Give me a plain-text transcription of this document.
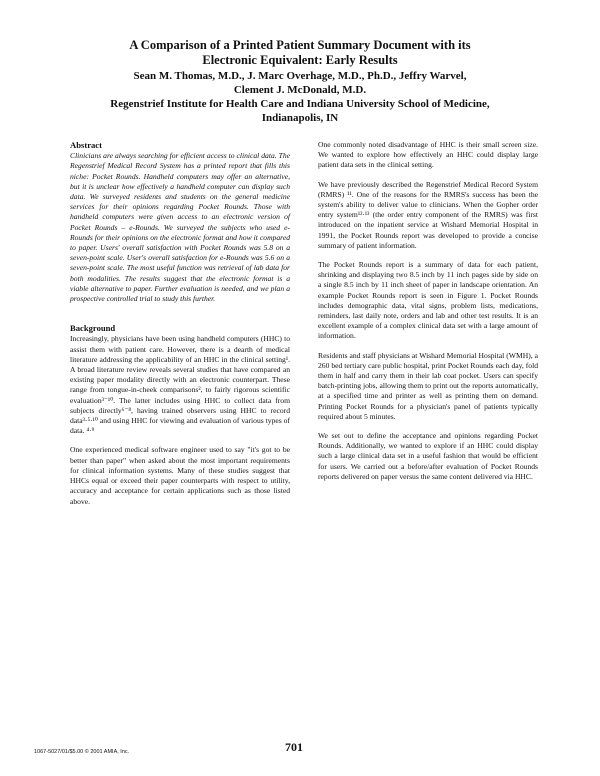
A Comparison of a Printed Patient Summary Document with its
Electronic Equivalent: Early Results
Sean M. Thomas, M.D., J. Marc Overhage, M.D., Ph.D., Jeffry Warvel,
Clement J. McDonald, M.D.
Regenstrief Institute for Health Care and Indiana University School of Medicine,
Indianapolis, IN
Abstract

Clinicians are always searching for efficient access to clinical data. The Regenstrief Medical Record System has a printed report that fills this niche: Pocket Rounds. Handheld computers may offer an alternative, but it is unclear how effectively a handheld computer can display such data. We surveyed residents and students on the general medicine services for their opinions regarding Pocket Rounds. Those with handheld computers were given access to an electronic version of Pocket Rounds – e-Rounds. We surveyed the subjects who used e-Rounds for their opinions on the electronic format and how it compared to paper. Users' overall satisfaction with Pocket Rounds was 5.8 on a seven-point scale. User's overall satisfaction for e-Rounds was 5.6 on a seven-point scale. The most useful function was retrieval of lab data for both modalities. The results suggest that the electronic format is a viable alternative to paper. Further evaluation is needed, and we plan a prospective controlled trial to study this further.

Background

Increasingly, physicians have been using handheld computers (HHC) to assist them with patient care. However, there is a dearth of medical literature addressing the applicability of an HHC in the clinical setting¹. A broad literature review reveals several studies that have compared an existing paper modality directly with an electronic counterpart. These range from tongue-in-cheek comparisons², to fairly rigorous scientific evaluation³⁻¹⁰. The latter includes using HHC to collect data from subjects directly⁶⁻⁸, having trained observers using HHC to record data³·⁵·¹⁰ and using HHC for viewing and evaluation of various types of data. ⁴·⁹

One experienced medical software engineer used to say "it's got to be better than paper" when asked about the most important requirements for clinical information systems. Many of these studies suggest that HHCs equal or exceed their paper counterparts with respect to utility, accuracy and acceptance for certain applications such as those listed above.

One commonly noted disadvantage of HHC is their small screen size. We wanted to explore how effectively an HHC could display large patient data sets in the clinical setting.

We have previously described the Regenstrief Medical Record System (RMRS) ¹¹. One of the reasons for the RMRS's success has been the system's ability to deliver value to clinicians. When the Gopher order entry system¹²·¹³ (the order entry component of the RMRS) was first introduced on the inpatient service at Wishard Memorial Hospital in 1991, the Pocket Rounds report was developed to provide a concise summary of patient information.

The Pocket Rounds report is a summary of data for each patient, shrinking and displaying two 8.5 inch by 11 inch pages side by side on a single 8.5 inch by 11 inch sheet of paper in landscape orientation. An example Pocket Rounds report is seen in Figure 1. Pocket Rounds includes demographic data, vital signs, problem lists, medications, reminders, last daily note, orders and lab and other test results. It is an excellent example of a complex clinical data set with a large amount of information.

Residents and staff physicians at Wishard Memorial Hospital (WMH), a 260 bed tertiary care public hospital, print Pocket Rounds each day, fold them in half and carry them in their lab coat pocket. Users can specify batch-printing jobs, allowing them to print out the reports automatically, at a specified time and printer as well as printing them on demand. Printing Pocket Rounds for a physician's panel of patients typically required about 5 minutes.

We set out to define the acceptance and opinions regarding Pocket Rounds. Additionally, we wanted to explore if an HHC could display such a large clinical data set in a useful fashion that would be efficient for users. We carried out a before/after evaluation of Pocket Rounds reports delivered on paper versus the same content delivered via HHC.

1067-5027/01/$5.00 © 2001 AMIA, Inc.	701
